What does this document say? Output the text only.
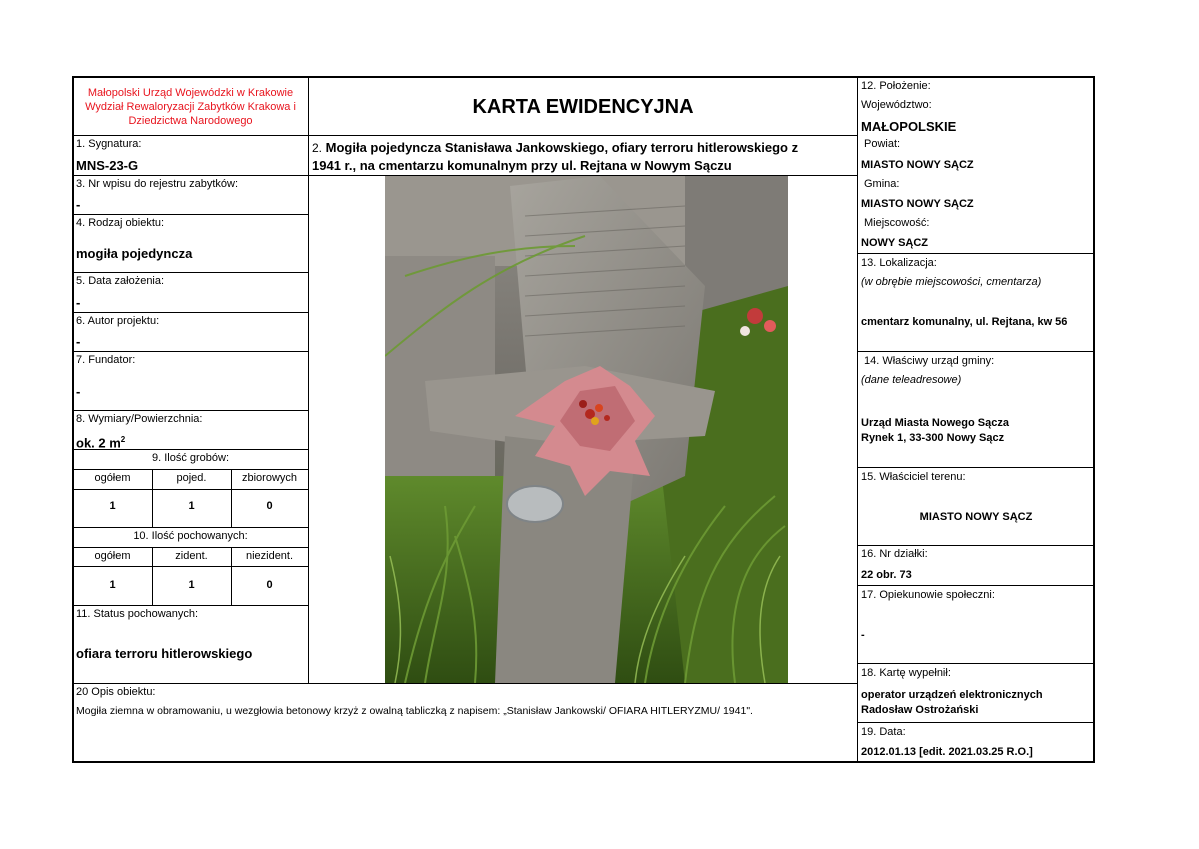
Małopolski Urząd Wojewódzki w Krakowie
Wydział Rewaloryzacji Zabytków Krakowa i
Dziedzictwa Narodowego
KARTA EWIDENCYJNA
1. Sygnatura:
MNS-23-G
3. Nr wpisu do rejestru zabytków:
-
4. Rodzaj obiektu:
mogiła pojedyncza
5. Data założenia:
-
6. Autor projektu:
-
7. Fundator:
-
8. Wymiary/Powierzchnia:
ok. 2 $m^2$
9. Ilość grobów:
ogółem	pojed.	zbiorowych
1	1	0
10. Ilość pochowanych:
ogółem	zident.	niezident.
1	1	0
11. Status pochowanych:
ofiara terroru hitlerowskiego
2. Mogiła pojedyncza Stanisława Jankowskiego, ofiary terroru hitlerowskiego z
1941 r., na cmentarzu komunalnym przy ul. Rejtana w Nowym Sączu
12. Położenie:
Województwo:
MAŁOPOLSKIE
Powiat:
MIASTO NOWY SĄCZ
Gmina:
MIASTO NOWY SĄCZ
Miejscowość:
NOWY SĄCZ
13. Lokalizacja:
(w obrębie miejscowości, cmentarza)
cmentarz komunalny, ul. Rejtana, kw 56
14. Właściwy urząd gminy:
(dane teleadresowe)
Urząd Miasta Nowego Sącza
Rynek 1, 33-300 Nowy Sącz
15. Właściciel terenu:
MIASTO NOWY SĄCZ
16. Nr działki:
22 obr. 73
17. Opiekunowie społeczni:
-
18. Kartę wypełnił:
operator urządzeń elektronicznych
Radosław Ostrożański
19. Data:
2012.01.13 [edit. 2021.03.25 R.O.]
20 Opis obiektu:
Mogiła ziemna w obramowaniu, u wezgłowia betonowy krzyż z owalną tabliczką z napisem: „Stanisław Jankowski/ OFIARA HITLERYZMU/ 1941".
